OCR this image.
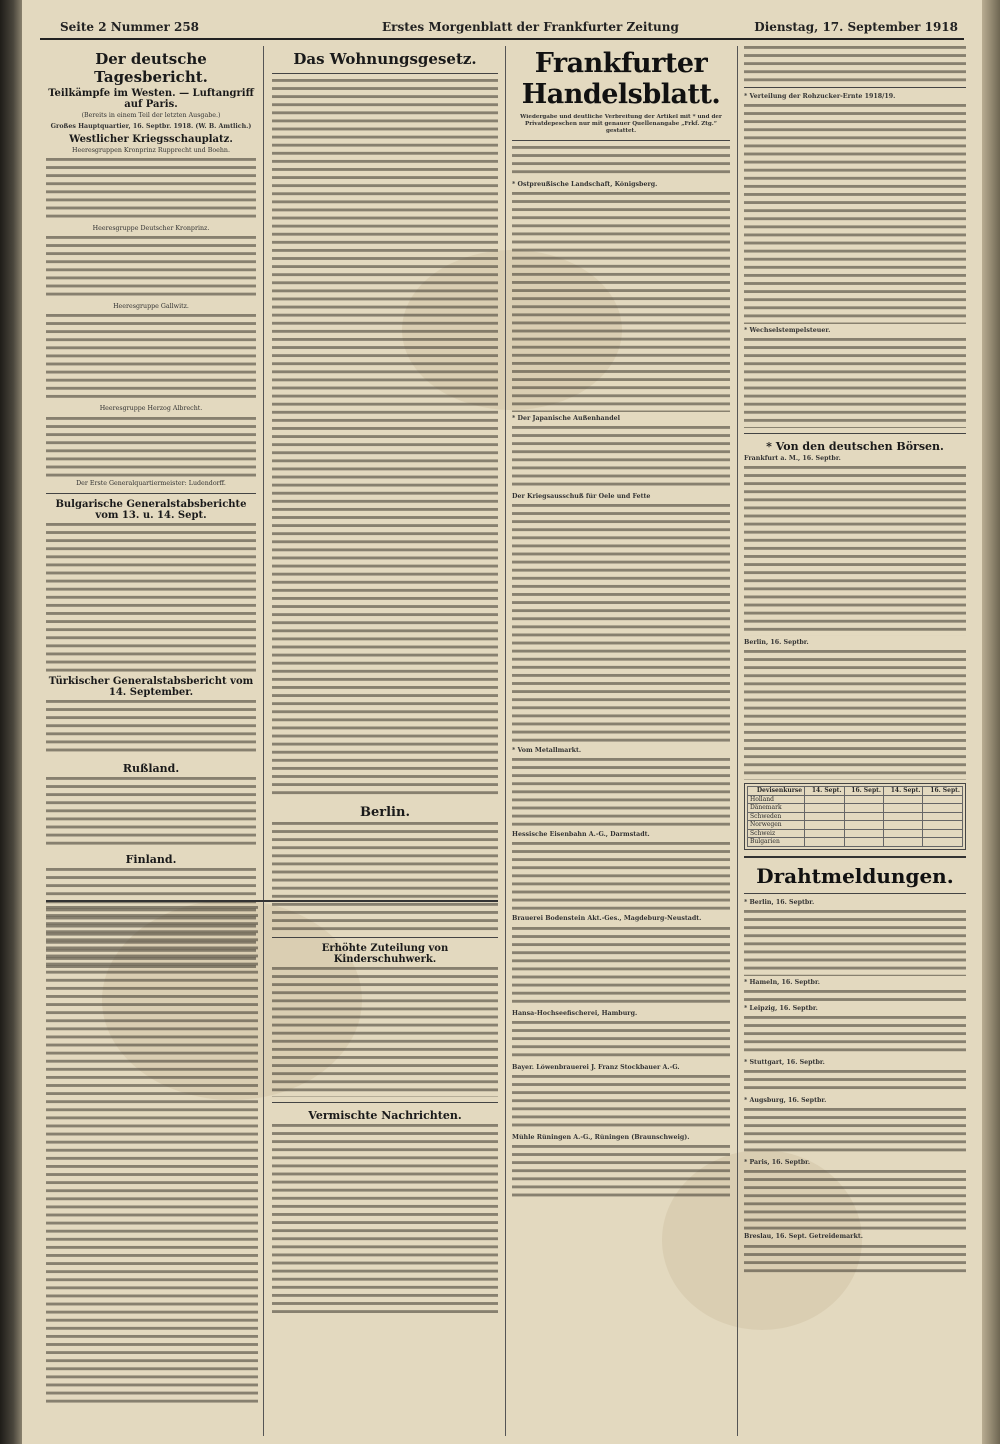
Seite 2 Nummer 258	Erstes Morgenblatt der Frankfurter Zeitung	Dienstag, 17. September 1918
Der deutsche Tagesbericht.
Teilkämpfe im Westen. — Luftangriff auf Paris.

(Bereits in einem Teil der letzten Ausgabe.)

Großes Hauptquartier, 16. Septbr. 1918. (W. B. Amtlich.)

Westlicher Kriegsschauplatz.

Heeresgruppen Kronprinz Rupprecht und Boehn.

Heeresgruppe Deutscher Kronprinz.

Heeresgruppe Gallwitz.

Heeresgruppe Herzog Albrecht.

Der Erste Generalquartiermeister: Ludendorff.

Bulgarische Generalstabsberichte vom 13. u. 14. Sept.
Türkischer Generalstabsbericht vom 14. September.
Rußland.
Finland.
Das Wohnungsgesetz.
Berlin.
Erhöhte Zuteilung von Kinderschuhwerk.
Vermischte Nachrichten.
Frankfurter Handelsblatt.

Wiedergabe und deutliche Verbreitung der Artikel mit * und der Privatdepeschen nur mit genauer Quellenangabe „Frkf. Ztg.“ gestattet.

* Ostpreußische Landschaft, Königsberg.

* Der Japanische Außenhandel

Der Kriegsausschuß für Oele und Fette

* Vom Metallmarkt.

Hessische Eisenbahn A.-G., Darmstadt.

Brauerei Bodenstein Akt.-Ges., Magdeburg-Neustadt.

Hansa-Hochseefischerei, Hamburg.

Bayer. Löwenbrauerei J. Franz Stockbauer A.-G.

Mühle Rüningen A.-G., Rüningen (Braunschweig).

* Verteilung der Rohzucker-Ernte 1918/19.

* Wechselstempelsteuer.

* Von den deutschen Börsen.

Frankfurt a. M., 16. Septbr.

Berlin, 16. Septbr.

Devisenkurse	14. Sept.	16. Sept.	14. Sept.	16. Sept.
Holland				
Dänemark				
Schweden				
Norwegen				
Schweiz				
Bulgarien				
Drahtmeldungen.

* Berlin, 16. Septbr.

* Hameln, 16. Septbr.

* Leipzig, 16. Septbr.

* Stuttgart, 16. Septbr.

* Augsburg, 16. Septbr.

* Paris, 16. Septbr.

Breslau, 16. Sept. Getreidemarkt.
